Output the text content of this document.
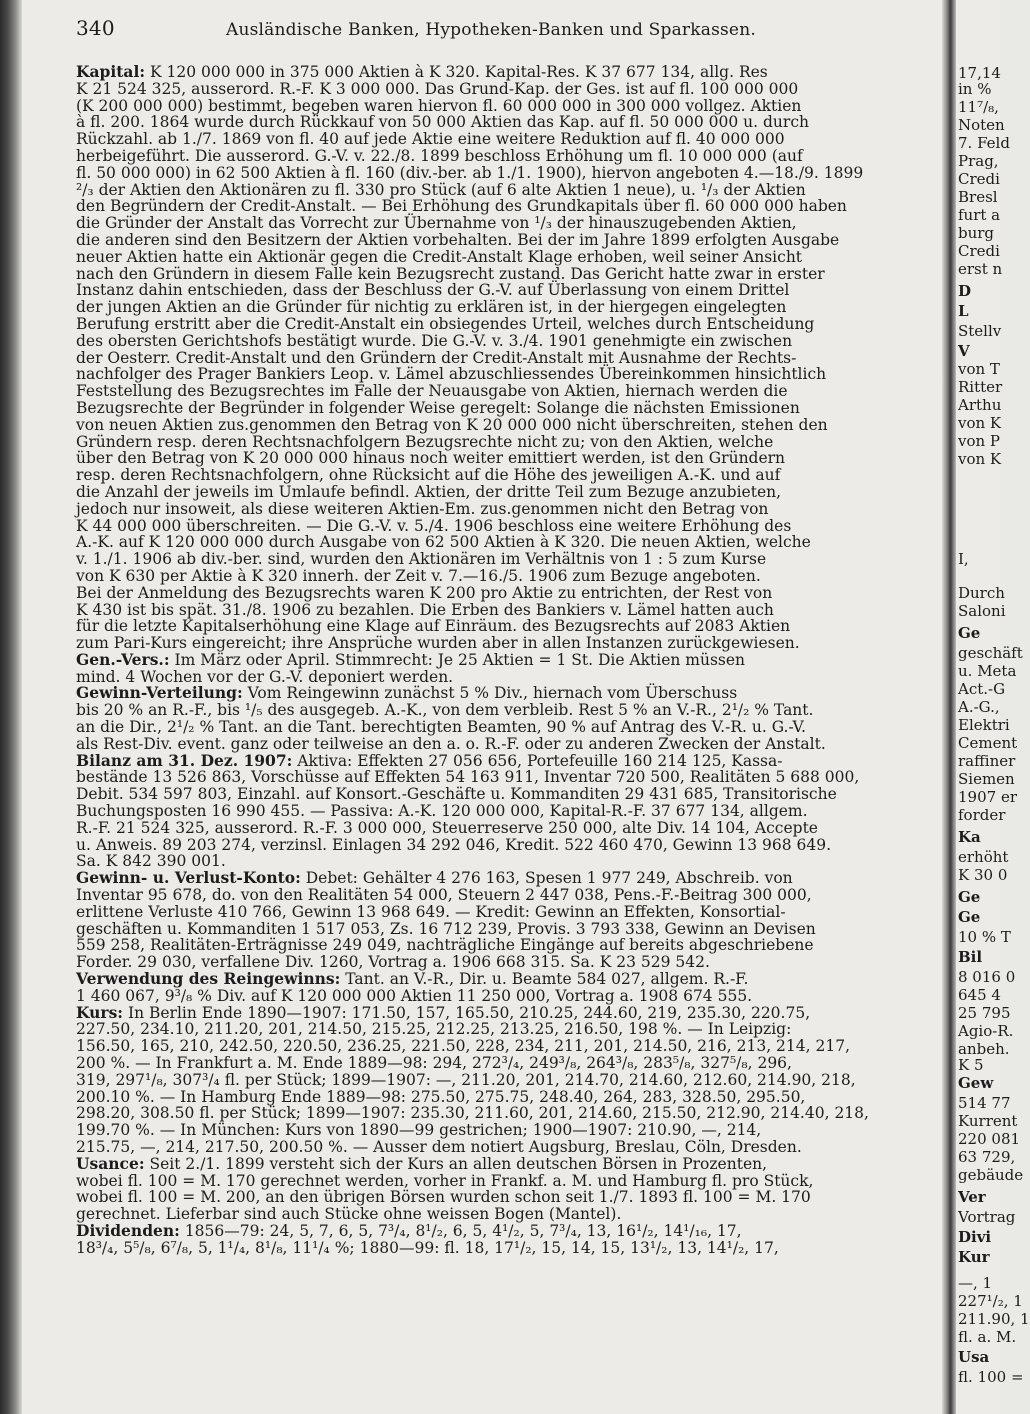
340	Ausländische Banken, Hypotheken-Banken und Sparkassen.
Kapital: K 120 000 000 in 375 000 Aktien à K 320. Kapital-Res. K 37 677 134, allg. Res
K 21 524 325, ausserord. R.-F. K 3 000 000. Das Grund-Kap. der Ges. ist auf fl. 100 000 000
(K 200 000 000) bestimmt, begeben waren hiervon fl. 60 000 000 in 300 000 vollgez. Aktien
à fl. 200. 1864 wurde durch Rückkauf von 50 000 Aktien das Kap. auf fl. 50 000 000 u. durch
Rückzahl. ab 1./7. 1869 von fl. 40 auf jede Aktie eine weitere Reduktion auf fl. 40 000 000
herbeigeführt. Die ausserord. G.-V. v. 22./8. 1899 beschloss Erhöhung um fl. 10 000 000 (auf
fl. 50 000 000) in 62 500 Aktien à fl. 160 (div.-ber. ab 1./1. 1900), hiervon angeboten 4.—18./9. 1899
²/₃ der Aktien den Aktionären zu fl. 330 pro Stück (auf 6 alte Aktien 1 neue), u. ¹/₃ der Aktien
den Begründern der Credit-Anstalt. — Bei Erhöhung des Grundkapitals über fl. 60 000 000 haben
die Gründer der Anstalt das Vorrecht zur Übernahme von ¹/₃ der hinauszugebenden Aktien,
die anderen sind den Besitzern der Aktien vorbehalten. Bei der im Jahre 1899 erfolgten Ausgabe
neuer Aktien hatte ein Aktionär gegen die Credit-Anstalt Klage erhoben, weil seiner Ansicht
nach den Gründern in diesem Falle kein Bezugsrecht zustand. Das Gericht hatte zwar in erster
Instanz dahin entschieden, dass der Beschluss der G.-V. auf Überlassung von einem Drittel
der jungen Aktien an die Gründer für nichtig zu erklären ist, in der hiergegen eingelegten
Berufung erstritt aber die Credit-Anstalt ein obsiegendes Urteil, welches durch Entscheidung
des obersten Gerichtshofs bestätigt wurde. Die G.-V. v. 3./4. 1901 genehmigte ein zwischen
der Oesterr. Credit-Anstalt und den Gründern der Credit-Anstalt mit Ausnahme der Rechts-
nachfolger des Prager Bankiers Leop. v. Lämel abzuschliessendes Übereinkommen hinsichtlich
Feststellung des Bezugsrechtes im Falle der Neuausgabe von Aktien, hiernach werden die
Bezugsrechte der Begründer in folgender Weise geregelt: Solange die nächsten Emissionen
von neuen Aktien zus.genommen den Betrag von K 20 000 000 nicht überschreiten, stehen den
Gründern resp. deren Rechtsnachfolgern Bezugsrechte nicht zu; von den Aktien, welche
über den Betrag von K 20 000 000 hinaus noch weiter emittiert werden, ist den Gründern
resp. deren Rechtsnachfolgern, ohne Rücksicht auf die Höhe des jeweiligen A.-K. und auf
die Anzahl der jeweils im Umlaufe befindl. Aktien, der dritte Teil zum Bezuge anzubieten,
jedoch nur insoweit, als diese weiteren Aktien-Em. zus.genommen nicht den Betrag von
K 44 000 000 überschreiten. — Die G.-V. v. 5./4. 1906 beschloss eine weitere Erhöhung des
A.-K. auf K 120 000 000 durch Ausgabe von 62 500 Aktien à K 320. Die neuen Aktien, welche
v. 1./1. 1906 ab div.-ber. sind, wurden den Aktionären im Verhältnis von 1 : 5 zum Kurse
von K 630 per Aktie à K 320 innerh. der Zeit v. 7.—16./5. 1906 zum Bezuge angeboten.
Bei der Anmeldung des Bezugsrechts waren K 200 pro Aktie zu entrichten, der Rest von
K 430 ist bis spät. 31./8. 1906 zu bezahlen. Die Erben des Bankiers v. Lämel hatten auch
für die letzte Kapitalserhöhung eine Klage auf Einräum. des Bezugsrechts auf 2083 Aktien
zum Pari-Kurs eingereicht; ihre Ansprüche wurden aber in allen Instanzen zurückgewiesen.
Gen.-Vers.: Im März oder April. Stimmrecht: Je 25 Aktien = 1 St. Die Aktien müssen
mind. 4 Wochen vor der G.-V. deponiert werden.
Gewinn-Verteilung: Vom Reingewinn zunächst 5 % Div., hiernach vom Überschuss
bis 20 % an R.-F., bis ¹/₅ des ausgegeb. A.-K., von dem verbleib. Rest 5 % an V.-R., 2¹/₂ % Tant.
an die Dir., 2¹/₂ % Tant. an die Tant. berechtigten Beamten, 90 % auf Antrag des V.-R. u. G.-V.
als Rest-Div. event. ganz oder teilweise an den a. o. R.-F. oder zu anderen Zwecken der Anstalt.
Bilanz am 31. Dez. 1907: Aktiva: Effekten 27 056 656, Portefeuille 160 214 125, Kassa-
bestände 13 526 863, Vorschüsse auf Effekten 54 163 911, Inventar 720 500, Realitäten 5 688 000,
Debit. 534 597 803, Einzahl. auf Konsort.-Geschäfte u. Kommanditen 29 431 685, Transitorische
Buchungsposten 16 990 455. — Passiva: A.-K. 120 000 000, Kapital-R.-F. 37 677 134, allgem.
R.-F. 21 524 325, ausserord. R.-F. 3 000 000, Steuerreserve 250 000, alte Div. 14 104, Accepte
u. Anweis. 89 203 274, verzinsl. Einlagen 34 292 046, Kredit. 522 460 470, Gewinn 13 968 649.
Sa. K 842 390 001.
Gewinn- u. Verlust-Konto: Debet: Gehälter 4 276 163, Spesen 1 977 249, Abschreib. von
Inventar 95 678, do. von den Realitäten 54 000, Steuern 2 447 038, Pens.-F.-Beitrag 300 000,
erlittene Verluste 410 766, Gewinn 13 968 649. — Kredit: Gewinn an Effekten, Konsortial-
geschäften u. Kommanditen 1 517 053, Zs. 16 712 239, Provis. 3 793 338, Gewinn an Devisen
559 258, Realitäten-Erträgnisse 249 049, nachträgliche Eingänge auf bereits abgeschriebene
Forder. 29 030, verfallene Div. 1260, Vortrag a. 1906 668 315. Sa. K 23 529 542.
Verwendung des Reingewinns: Tant. an V.-R., Dir. u. Beamte 584 027, allgem. R.-F.
1 460 067, 9³/₈ % Div. auf K 120 000 000 Aktien 11 250 000, Vortrag a. 1908 674 555.
Kurs: In Berlin Ende 1890—1907: 171.50, 157, 165.50, 210.25, 244.60, 219, 235.30, 220.75,
227.50, 234.10, 211.20, 201, 214.50, 215.25, 212.25, 213.25, 216.50, 198 %. — In Leipzig:
156.50, 165, 210, 242.50, 220.50, 236.25, 221.50, 228, 234, 211, 201, 214.50, 216, 213, 214, 217,
200 %. — In Frankfurt a. M. Ende 1889—98: 294, 272³/₄, 249³/₈, 264³/₈, 283⁵/₈, 327⁵/₈, 296,
319, 297¹/₈, 307³/₄ fl. per Stück; 1899—1907: —, 211.20, 201, 214.70, 214.60, 212.60, 214.90, 218,
200.10 %. — In Hamburg Ende 1889—98: 275.50, 275.75, 248.40, 264, 283, 328.50, 295.50,
298.20, 308.50 fl. per Stück; 1899—1907: 235.30, 211.60, 201, 214.60, 215.50, 212.90, 214.40, 218,
199.70 %. — In München: Kurs von 1890—99 gestrichen; 1900—1907: 210.90, —, 214,
215.75, —, 214, 217.50, 200.50 %. — Ausser dem notiert Augsburg, Breslau, Cöln, Dresden.
Usance: Seit 2./1. 1899 versteht sich der Kurs an allen deutschen Börsen in Prozenten,
wobei fl. 100 = M. 170 gerechnet werden, vorher in Frankf. a. M. und Hamburg fl. pro Stück,
wobei fl. 100 = M. 200, an den übrigen Börsen wurden schon seit 1./7. 1893 fl. 100 = M. 170
gerechnet. Lieferbar sind auch Stücke ohne weissen Bogen (Mantel).
Dividenden: 1856—79: 24, 5, 7, 6, 5, 7³/₄, 8¹/₂, 6, 5, 4¹/₂, 5, 7³/₄, 13, 16¹/₂, 14¹/₁₆, 17,
18³/₄, 5⁵/₈, 6⁷/₈, 5, 1¹/₄, 8¹/₈, 11¹/₄ %; 1880—99: fl. 18, 17¹/₂, 15, 14, 15, 13¹/₂, 13, 14¹/₂, 17,
17,14
in %
11⁷/₈,
Noten
7. Feld
Prag,
Credi
Bresl
furt a
burg
Credi
erst n
D
L
Stellv
V
von T
Ritter
Arthu
von K
von P
von K
I,
Durch
Saloni
Ge
geschäft
u. Meta
Act.-G
A.-G.,
Elektri
Cement
raffiner
Siemen
1907 er
forder
Ka
erhöht
K 30 0
Ge
Ge
10 % T
Bil
8 016 0
645 4
25 795
Agio-R.
anbeh.
K 5
Gew
514 77
Kurrent
220 081
63 729,
gebäude
Ver
Vortrag
Divi
Kur
—, 1
227¹/₂, 1
211.90, 1
fl. a. M.
Usa
fl. 100 =
